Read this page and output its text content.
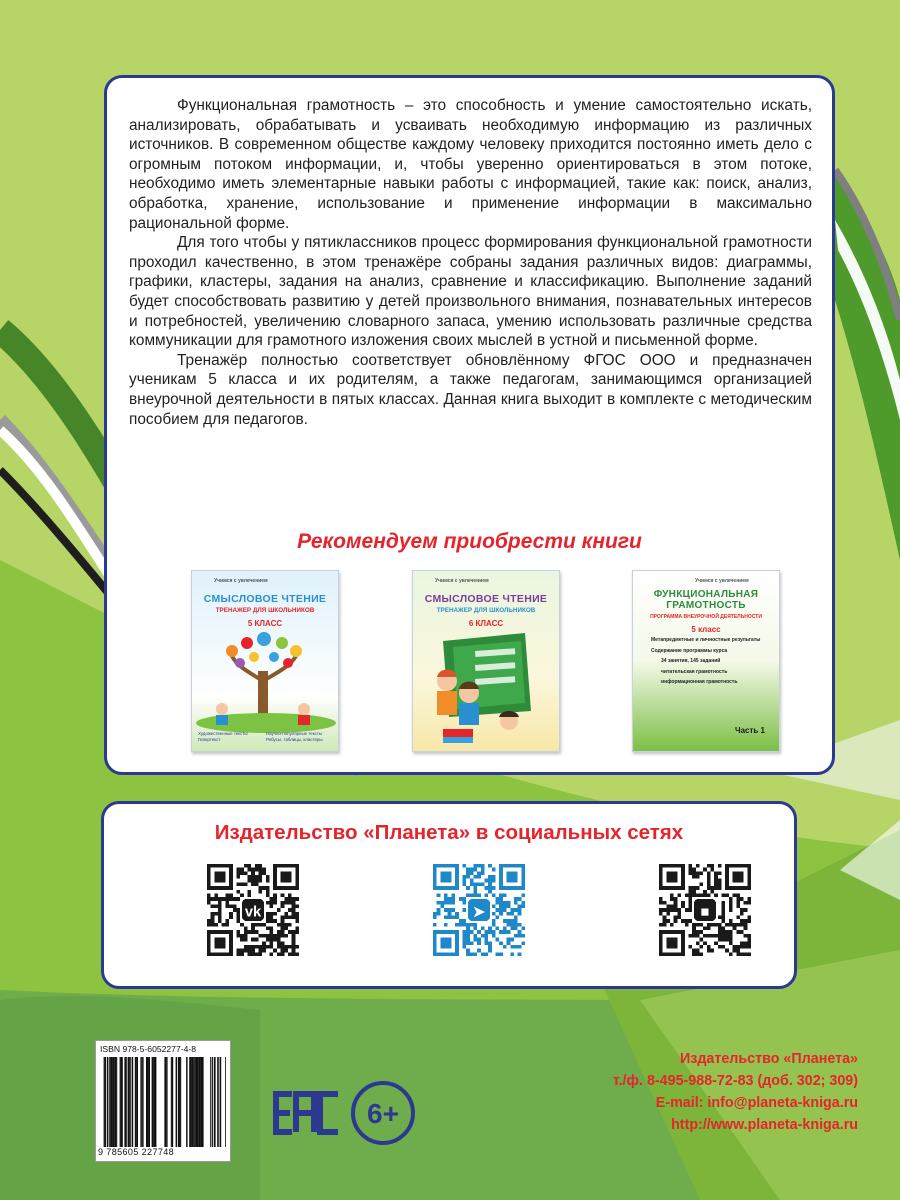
Функциональная грамотность – это способность и умение самостоятельно искать, анализировать, обрабатывать и усваивать необходимую информацию из различных источников. В современном обществе каждому человеку приходится постоянно иметь дело с огромным потоком информации, и, чтобы уверенно ориентироваться в этом потоке, необходимо иметь элементарные навыки работы с информацией, такие как: поиск, анализ, обработка, хранение, использование и применение информации в максимально рациональной форме.

Для того чтобы у пятиклассников процесс формирования функциональной грамотности проходил качественно, в этом тренажёре собраны задания различных видов: диаграммы, графики, кластеры, задания на анализ, сравнение и классификацию. Выполнение заданий будет способствовать развитию у детей произвольного внимания, познавательных интересов и потребностей, увеличению словарного запаса, умению использовать различные средства коммуникации для грамотного изложения своих мыслей в устной и письменной форме.

Тренажёр полностью соответствует обновлённому ФГОС ООО и предназначен ученикам 5 класса и их родителям, а также педагогам, занимающимся организацией внеурочной деятельности в пятых классах. Данная книга выходит в комплекте с методическим пособием для педагогов.

Рекомендуем приобрести книги
Учимся с увлечением
СМЫСЛОВОЕ ЧТЕНИЕ
ТРЕНАЖЕР ДЛЯ ШКОЛЬНИКОВ
5 КЛАСС
Художественные тексты
Гипертекст
Научно-популярные тексты
Ребусы, таблицы, кластеры
Учимся с увлечением
СМЫСЛОВОЕ ЧТЕНИЕ
ТРЕНАЖЕР ДЛЯ ШКОЛЬНИКОВ
6 КЛАСС
Учимся с увлечением
ФУНКЦИОНАЛЬНАЯ ГРАМОТНОСТЬ
ПРОГРАММА ВНЕУРОЧНОЙ ДЕЯТЕЛЬНОСТИ
5 класс
Метапредметные и личностные результаты
Содержание программы курса
34 занятия, 145 заданий
читательская грамотность
информационная грамотность
Часть 1
Издательство «Планета» в социальных сетях
vk	➤	■
ISBN 978-5-6052277-4-8
9 785605 227748
6+
Издательство «Планета»
т./ф. 8-495-988-72-83 (доб. 302; 309)
E-mail: info@planeta-kniga.ru
http://www.planeta-kniga.ru
